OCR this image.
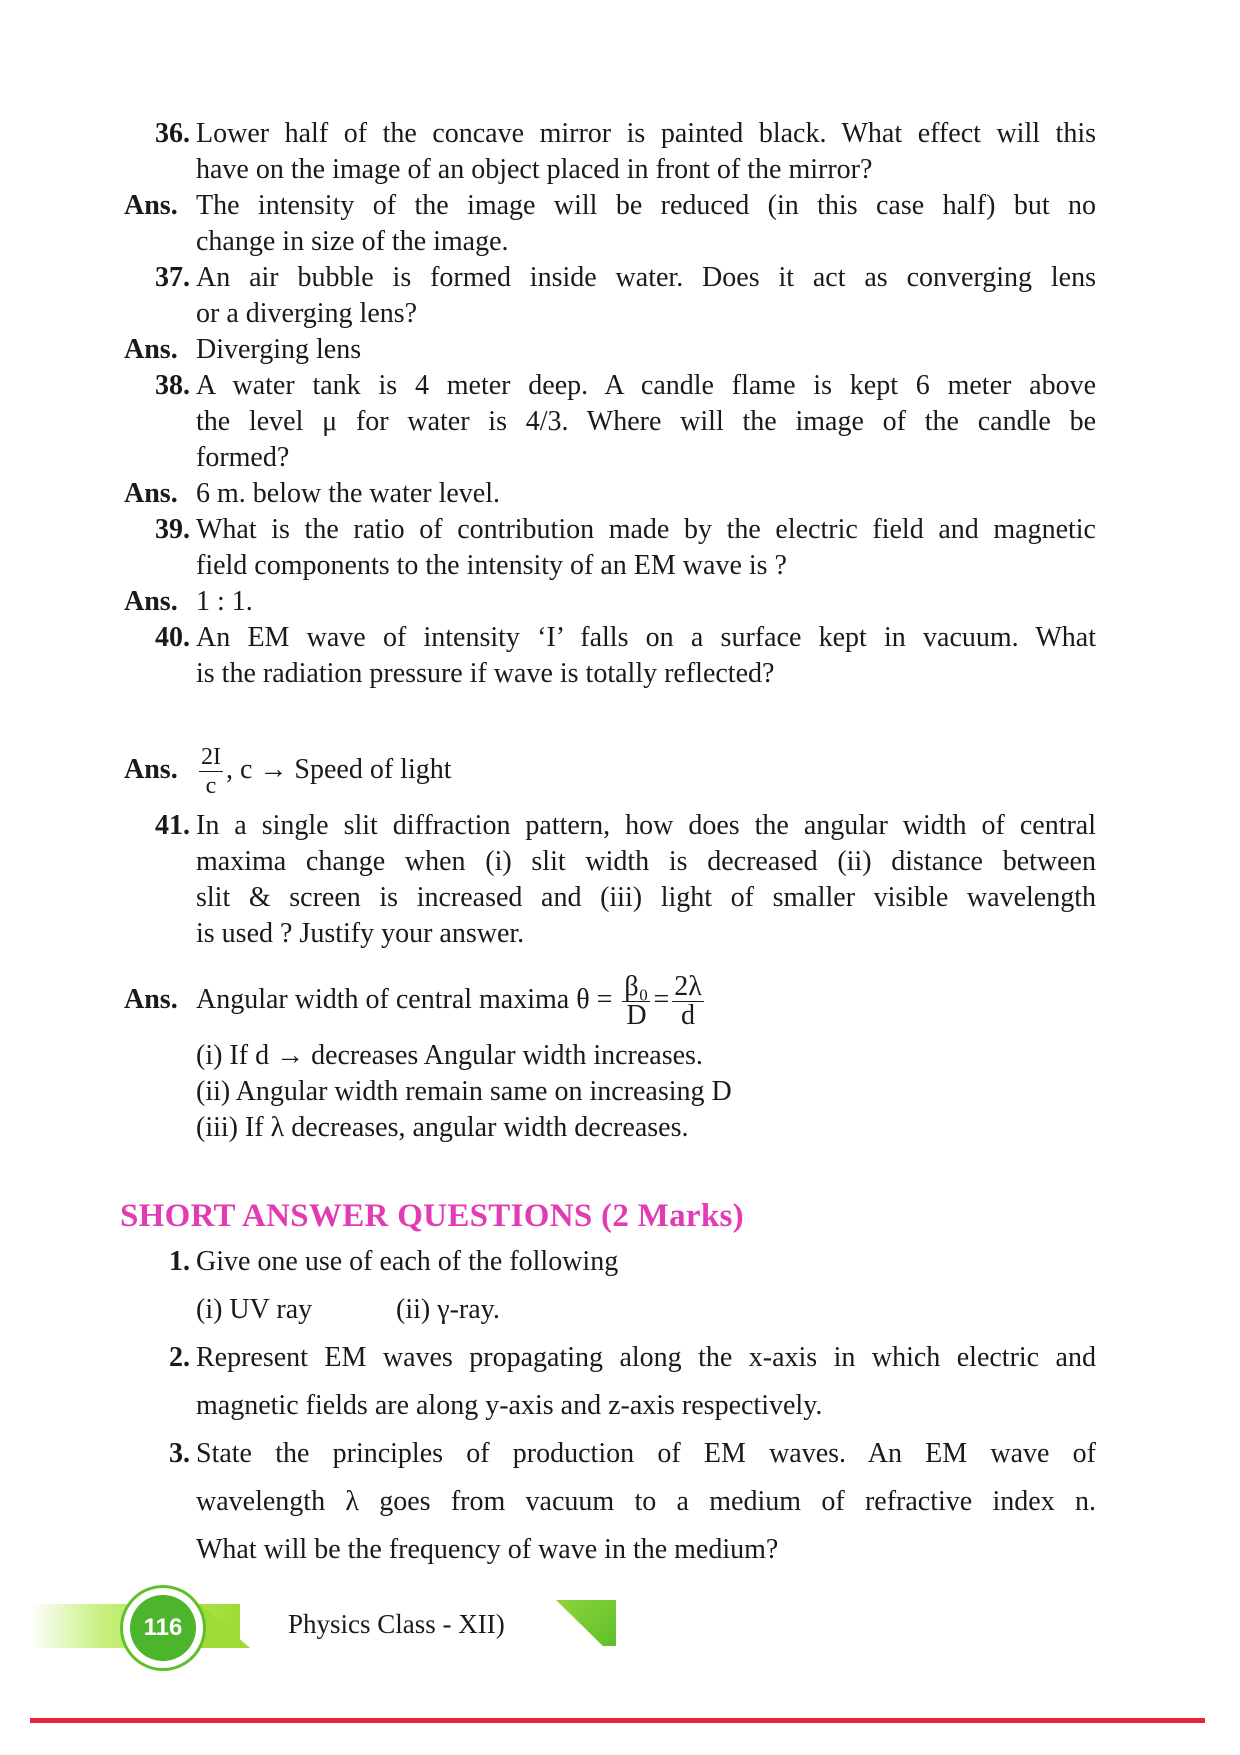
36. Lower half of the concave mirror is painted black. What effect will this
have on the image of an object placed in front of the mirror?
Ans. The intensity of the image will be reduced (in this case half) but no
change in size of the image.
37. An air bubble is formed inside water. Does it act as converging lens
or a diverging lens?
Ans. Diverging lens
38. A water tank is 4 meter deep. A candle flame is kept 6 meter above
the level μ for water is 4/3. Where will the image of the candle be
formed?
Ans. 6 m. below the water level.
39. What is the ratio of contribution made by the electric field and magnetic
field components to the intensity of an EM wave is ?
Ans. 1 : 1.
40. An EM wave of intensity ‘I’ falls on a surface kept in vacuum. What
is the radiation pressure if wave is totally reflected?
Ans. $\frac{2I}{c}$ , c → Speed of light
41. In a single slit diffraction pattern, how does the angular width of central
maxima change when (i) slit width is decreased (ii) distance between
slit & screen is increased and (iii) light of smaller visible wavelength
is used ? Justify your answer.
Ans. Angular width of central maxima $\theta = \frac{\text{β₀}}{D} = \frac{2\lambda}{d}$
(i) If d → decreases Angular width increases.
(ii) Angular width remain same on increasing D
(iii) If λ decreases, angular width decreases.
SHORT ANSWER QUESTIONS (2 Marks)
1. Give one use of each of the following
(i) UV ray	(ii) γ-ray.
2. Represent EM waves propagating along the x-axis in which electric and
magnetic fields are along y-axis and z-axis respectively.
3. State the principles of production of EM waves. An EM wave of
wavelength λ goes from vacuum to a medium of refractive index n.
What will be the frequency of wave in the medium?
116	Physics Class - XII)
